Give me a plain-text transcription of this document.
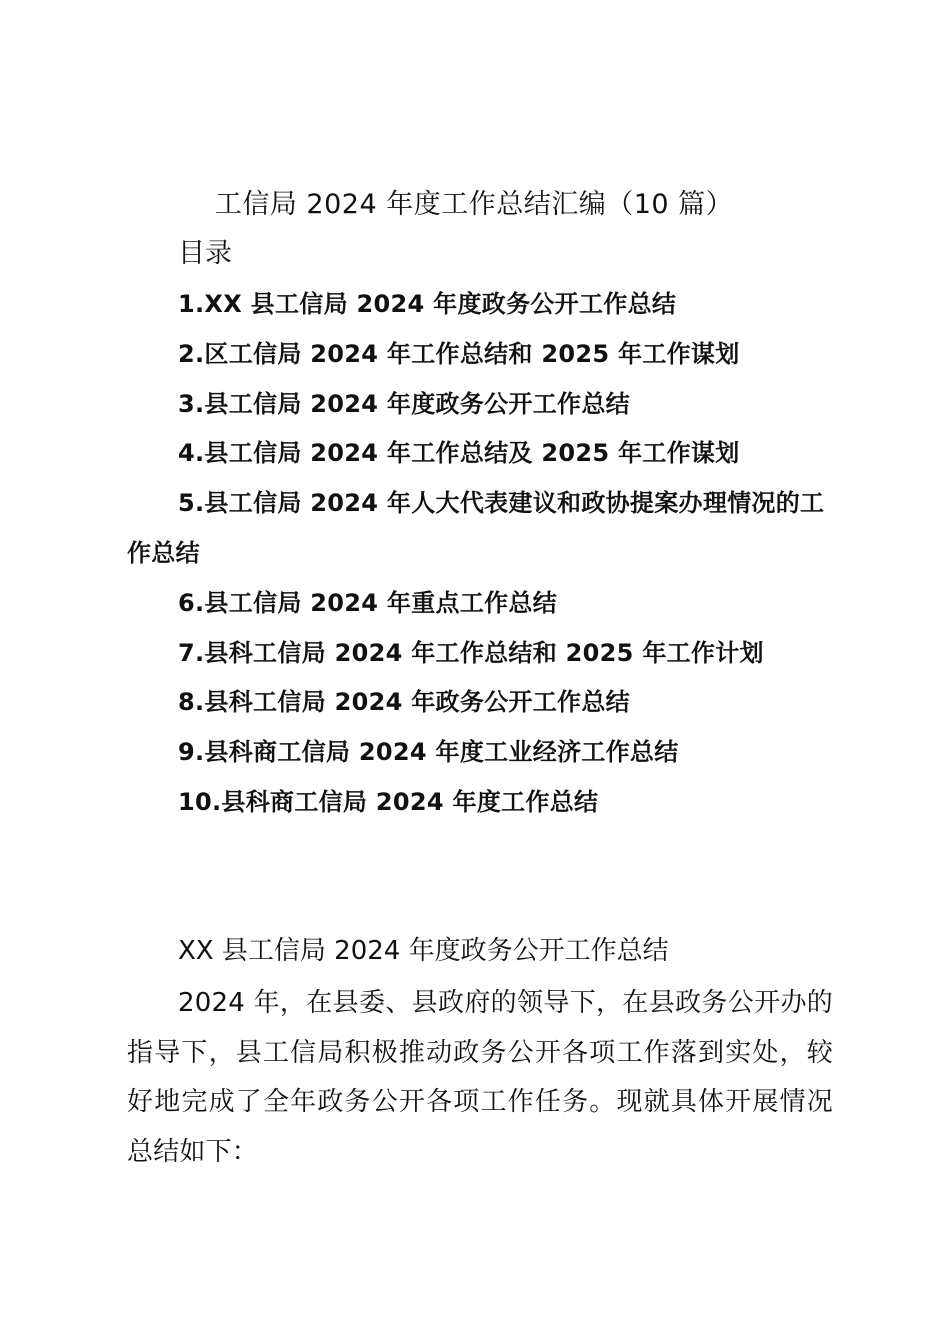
工信局 2024 年度工作总结汇编（10 篇）
目录
1.XX 县工信局 2024 年度政务公开工作总结
2.区工信局 2024 年工作总结和 2025 年工作谋划
3.县工信局 2024 年度政务公开工作总结
4.县工信局 2024 年工作总结及 2025 年工作谋划
5.县工信局 2024 年人大代表建议和政协提案办理情况的工作总结
6.县工信局 2024 年重点工作总结
7.县科工信局 2024 年工作总结和 2025 年工作计划
8.县科工信局 2024 年政务公开工作总结
9.县科商工信局 2024 年度工业经济工作总结
10.县科商工信局 2024 年度工作总结
XX 县工信局 2024 年度政务公开工作总结

2024 年，在县委、县政府的领导下，在县政务公开办的指导下，县工信局积极推动政务公开各项工作落到实处，较好地完成了全年政务公开各项工作任务。现就具体开展情况总结如下：
